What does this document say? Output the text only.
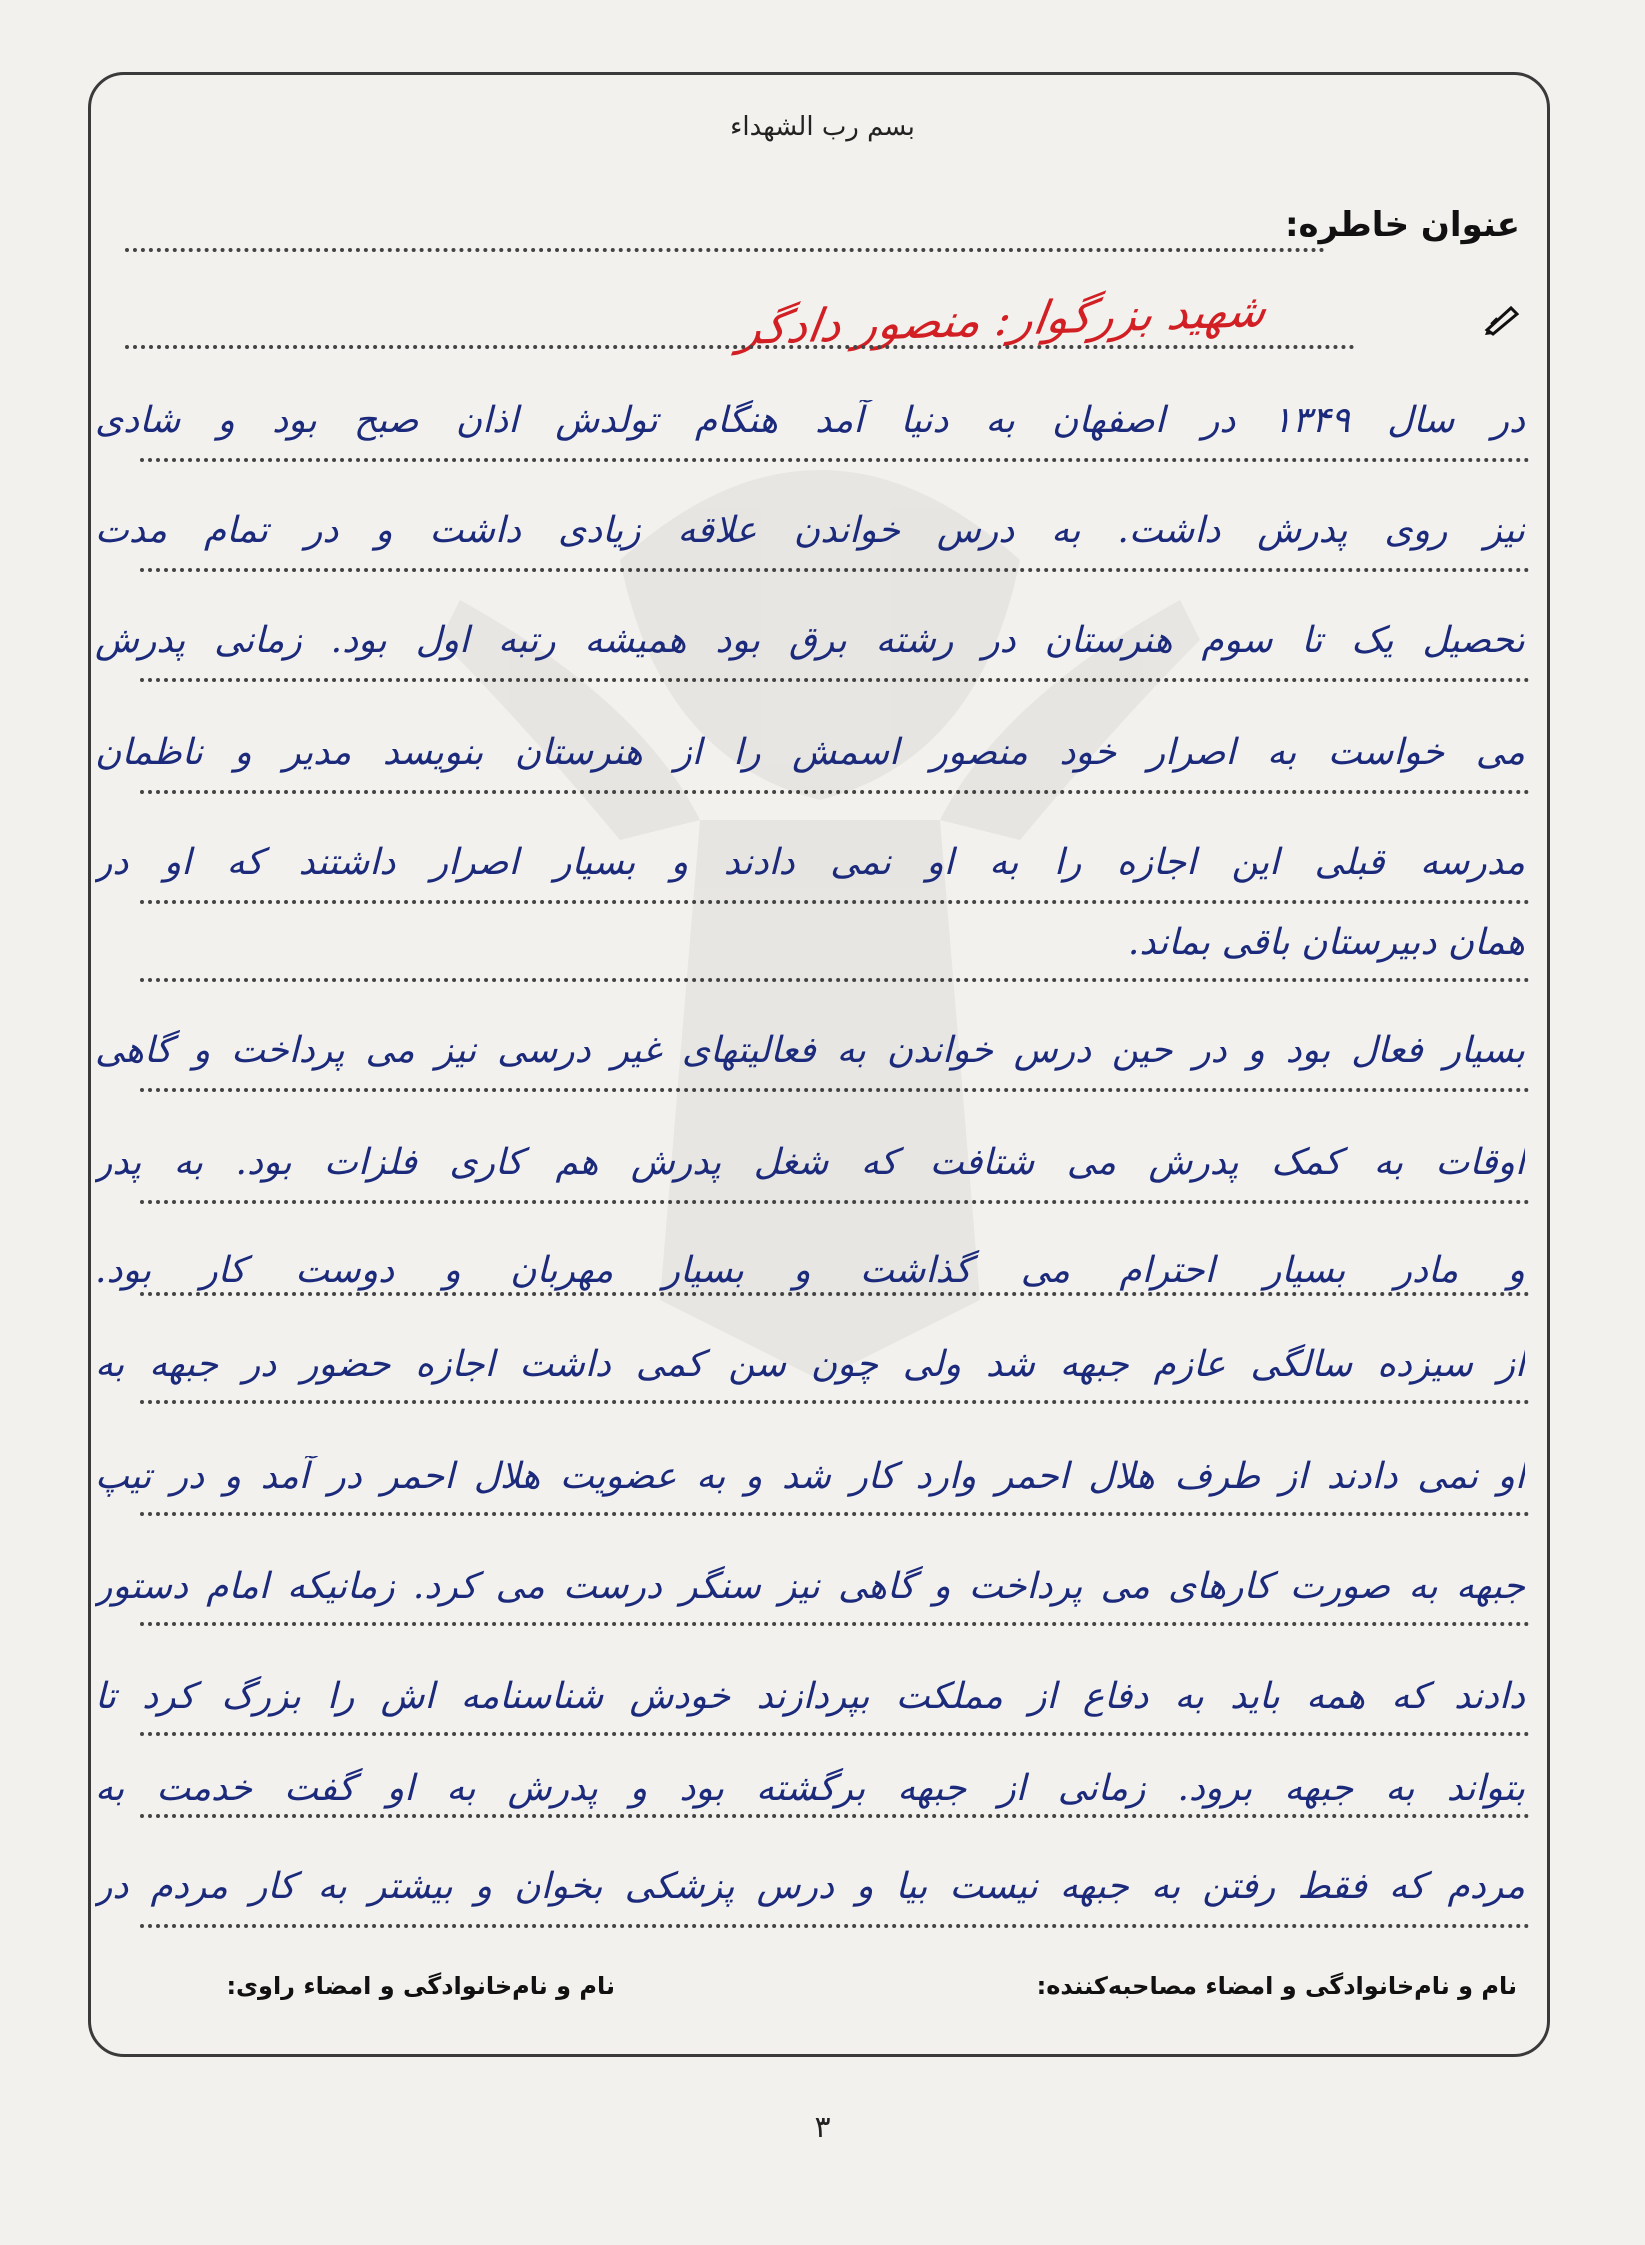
بسم رب الشهداء
عنوان خاطره:
شهید بزرگوار: منصور دادگر
در سال ۱۳۴۹ در اصفهان به دنیا آمد هنگام تولدش اذان صبح بود و شادی
نیز روی پدرش داشت. به درس خواندن علاقه زیادی داشت و در تمام مدت
تحصیل یک تا سوم هنرستان در رشته برق بود همیشه رتبه اول بود. زمانی پدرش
می خواست به اصرار خود منصور اسمش را از هنرستان بنویسد مدیر و ناظمان
مدرسه قبلی این اجازه را به او نمی دادند و بسیار اصرار داشتند که او در
همان دبیرستان باقی بماند.
بسیار فعال بود و در حین درس خواندن به فعالیتهای غیر درسی نیز می پرداخت و گاهی
اوقات به کمک پدرش می شتافت که شغل پدرش هم کاری فلزات بود. به پدر
و مادر بسیار احترام می گذاشت و بسیار مهربان و دوست کار بود.
از سیزده سالگی عازم جبهه شد ولی چون سن کمی داشت اجازه حضور در جبهه به
او نمی دادند از طرف هلال احمر وارد کار شد و به عضویت هلال احمر در آمد و در تیپ
جبهه به صورت کارهای می پرداخت و گاهی نیز سنگر درست می کرد. زمانیکه امام دستور
دادند که همه باید به دفاع از مملکت بپردازند خودش شناسنامه اش را بزرگ کرد تا
بتواند به جبهه برود. زمانی از جبهه برگشته بود و پدرش به او گفت خدمت به
مردم که فقط رفتن به جبهه نیست بیا و درس پزشکی بخوان و بیشتر به کار مردم در
نام و نام‌خانوادگی و امضاء مصاحبه‌کننده:
نام و نام‌خانوادگی و امضاء راوی:
۳
